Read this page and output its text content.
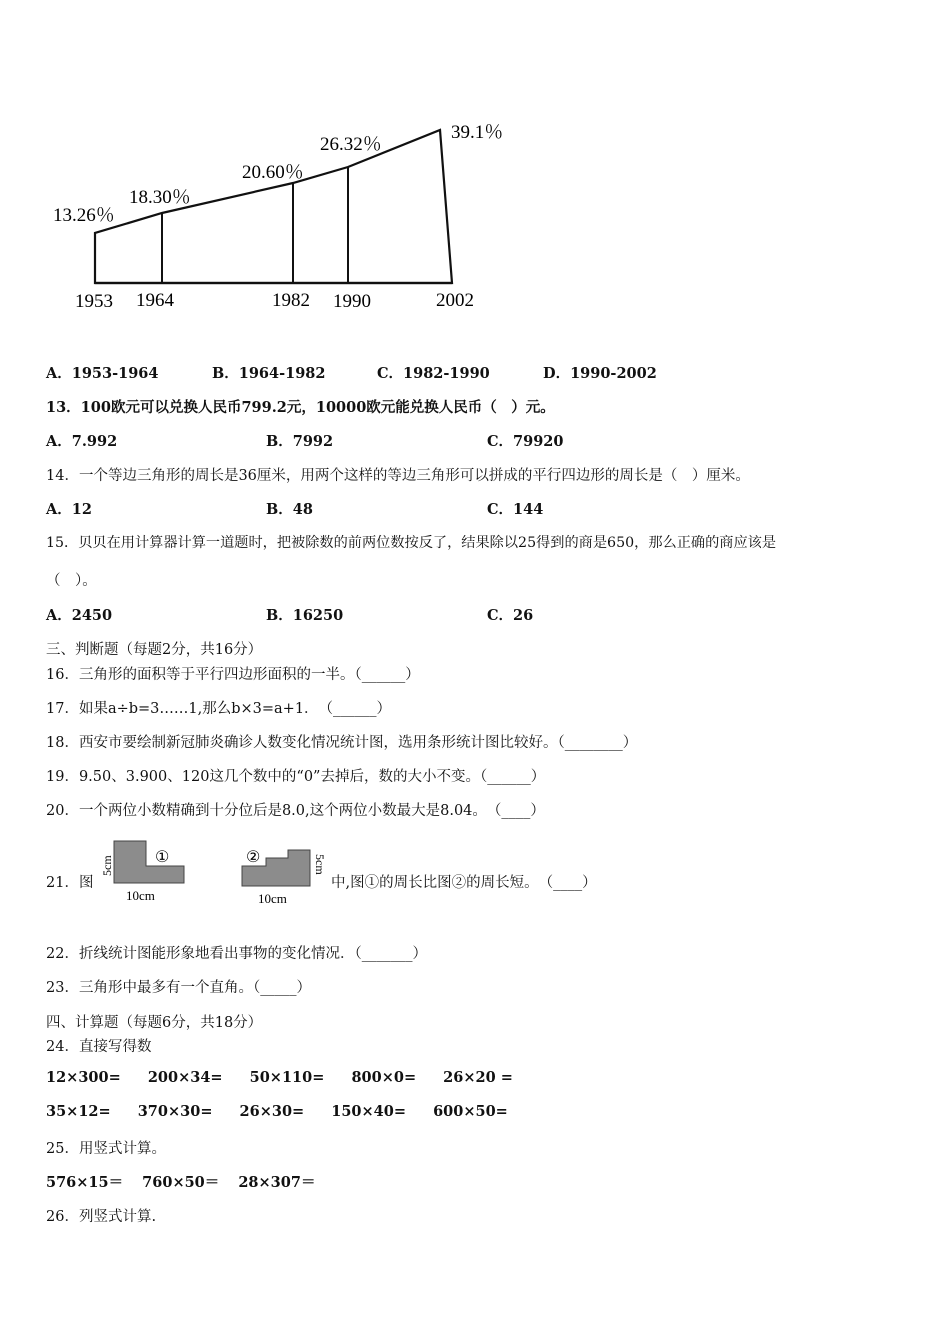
13.26％
18.30％
20.60％
26.32％
39.1％
1953 1964	1982 1990	2002
A．1953-1964	B．1964-1982	C．1982-1990	D．1990-2002
13．100欧元可以兑换人民币799.2元，10000欧元能兑换人民币（　）元。
A．7.992	B．7992	C．79920
14．一个等边三角形的周长是36厘米，用两个这样的等边三角形可以拼成的平行四边形的周长是（　）厘米。
A．12	B．48	C．144
15．贝贝在用计算器计算一道题时，把被除数的前两位数按反了，结果除以25得到的商是650，那么正确的商应该是
（　）。
A．2450	B．16250	C．26
三、判断题（每题2分，共16分）
16．三角形的面积等于平行四边形面积的一半。（______）
17．如果a÷b=3……1,那么b×3=a+1．　（______）
18．西安市要绘制新冠肺炎确诊人数变化情况统计图，选用条形统计图比较好。（________）
19．9.50、3.900、120这几个数中的“0”去掉后，数的大小不变。（______）
20．一个两位小数精确到十分位后是8.0,这个两位小数最大是8.04。　（____）
21．图
5cm	①
10cm
②	5cm
10cm
中,图①的周长比图②的周长短。　（____）
22．折线统计图能形象地看出事物的变化情况．（_______）
23．三角形中最多有一个直角。（_____）
四、计算题（每题6分，共18分）
24．直接写得数
12×300= 200×34= 50×110= 800×0= 26×20 =
35×12= 370×30= 26×30= 150×40= 600×50=
25．用竖式计算。
576×15＝ 760×50＝ 28×307＝
26．列竖式计算.
